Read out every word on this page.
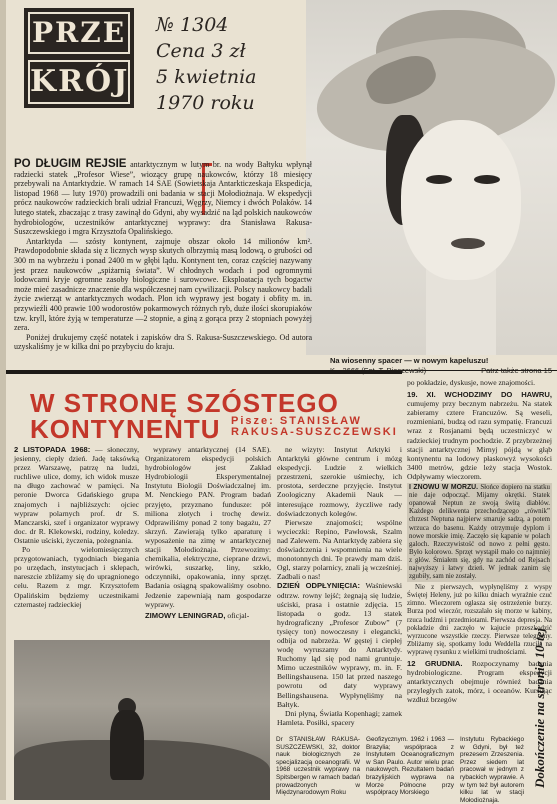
PRZE
KRÓJ
№ 1304
Cena 3 zł
5 kwietnia
1970 roku
Na wiosenny spacer — w nowym kapeluszu!

PO DŁUGIM REJSIE antarktycznym w lutym br. na wody Bałtyku wpłynął radziecki statek „Profesor Wiese”, wiozący grupę naukowców, którzy 18 miesięcy przebywali na Antarktydzie. W ramach 14 SAE (Sowietskaja Antarkticzeskaja Ekspedicja, listopad 1968 — luty 1970) prowadzili oni badania w stacji Mołodiożnaja. W ekspedycji prócz naukowców radzieckich brali udział Francuzi, Węgrzy, Niemcy i dwóch Polaków. 14 lutego statek, zbaczając z trasy zawinął do Gdyni, aby wysadzić na ląd polskich naukowców hydrobiologów, uczestników antarktycznej wyprawy: dra Stanisława Rakusa-Suszczewskiego i mgra Krzysztofa Opalińskiego.

Antarktyda — szósty kontynent, zajmuje obszar około 14 milionów km². Prawdopodobnie składa się z licznych wysp skutych olbrzymią masą lodową, o grubości od 300 m na wybrzeżu i ponad 2400 m w głębi lądu. Kontynent ten, coraz częściej nazywany jest przez naukowców „spiżarnią świata”. W chłodnych wodach i pod ogromnymi lodowcami kryje ogromne zasoby biologiczne i surowcowe. Eksploatacja tych bogactw może mieć zasadnicze znaczenie dla współczesnej nam cywilizacji. Polscy naukowcy badali życie zwierząt w antarktycznych wodach. Plon ich wyprawy jest bogaty i obfity m. in. przywieźli 400 prawie 100 wodorostów pokarmowych różnych ryb, duże ilości skorupiaków tzw. kryll, które żyją w temperaturze —2 stopnie, a giną z gorąca przy 2 stopniach powyżej zera.

Poniżej drukujemy część notatek i zapisków dra S. Rakusa-Suszczewskiego. Od autora uzyskaliśmy je w kilka dni po przybyciu do kraju.

W STRONĘ SZÓSTEGO
KONTYNENTU Pisze: STANISŁAW
RAKUSA-SUSZCZEWSKI

2 LISTOPADA 1968: — słoneczny, jesienny, ciepły dzień. Jadę taksówką przez Warszawę, patrzę na ludzi, ruchliwe ulice, domy, ich widok musze na długo zachować w pamięci. Na peronie Dworca Gdańskiego grupa znajomych i najbliższych: ojciec wypraw polarnych prof. dr S. Manczarski, szef i organizator wyprawy doc. dr R. Klekowski, rodziny, koledzy. Ostatnie uściski, życzenia, pożegnania.

Po wielomiesięcznych przygotowaniach, tygodniach biegania po urzędach, instytucjach i sklepach, nareszcie zbliżamy się do upragnionego celu. Razem z mgr. Krzysztofem Opalińskim będziemy uczestnikami czternastej radzieckiej

wyprawy antarktycznej (14 SAE). Organizatorem ekspedycji polskich hydrobiologów jest Zakład Hydrobiologii Eksperymentalnej Instytutu Biologii Doświadczalnej im. M. Nenckiego PAN. Program badań przyjęto, przyznano fundusze: pół miliona złotych i trochę dewiz. Odprawiliśmy ponad 2 tony bagażu, 27 skrzyń. Zawierają tylko aparaturę i wyposażenie na zimę w antarktycznej stacji Mołodiożnaja. Przewozimy: chemikalia, elektryczne, cieprane drzwi, wirówki, suszarkę, liny, szkło, odczynniki, opakowania, inny sprzęt. Badania osiągną spakowaliśmy osobno. Jedzenie zapewniają nam gospodarze wyprawy.

ZIMOWY LENINGRAD, oficjal-

ne wizyty: Instytut Arktyki i Antarktyki główne centrum i mózg ekspedycji. Ludzie z wielkich przestrzeni, szerokie uśmiechy, ich prostota, serdeczne przyjęcie. Instytut Zoologiczny Akademii Nauk — interesujące rozmowy, życzliwe rady doświadczonych kolegów.

Pierwsze znajomości; wspólne wycieczki: Repino, Pawłowsk, Szalm nad Zalewem. Na Antarktydę zabiera się doświadczenia i wspomnienia na wiele monotonnych dni. Te prawdy mam dziś. Ogl, starzy polarnicy, znali ją wcześniej. Zadbali o nas!

DZIEŃ ODPŁYNIĘCIA: Waśniewski odtrzw. rowny lejść; żegnają się ludzie, uściski, prasa i ostatnie zdjęcia. 15 listopada o godz. 13 statek hydrograficzny „Profesor Zubow” (7 tysięcy ton) nowoczesny i elegancki, odbija od nabrzeża. W gęstej i ciepłej wodę wyruszamy do Antarktydy. Ruchomy ląd się pod nami gruntuje. Mimo uczestników wyprawy, m. in. F. Bellingshausena. 150 lat przed naszego powrotu od daty wyprawy Bellingshausena. Wypłynęliśmy na Bałtyk.

Dni płyną, Światła Kopenhagi; zamek Hamleta. Posiłki, spacery

po pokładzie, dyskusje, nowe znajomości.

19. XI. WCHODZIMY DO HAWRU, cumujemy przy becznym nabrzeżu. Na statek zabieramy cztere Francuzów. Są weseli, rozmieniani, budzą od razu sympatię. Francuzi wraz z Rosjanami będą uczestniczyć w radzieckiej trudnym pochodzie. Z przybrzeżnej stacji antarktycznej Mirnyj pójdą w głąb kontynentu na lodowy płaskowyż wysokości 3400 metrów, gdzie leży stacja Wostok. Odpływamy wieczorem.

I ZNOWU W MORZU. Słońce dopiero na statku nie daje odpocząć. Mijamy okrętki. Statek opanował Neptun ze swoją świtą diabłów. Każdego delikwenta przechodzącego „równik” chrzest Neptuna najpierw smaruje sadzą, a potem wrzuca do basenu. Każdy otrzymuje dyplom i nowe morskie imię. Zaczęło się kąpanie w polach galoch. Rzeczywistość od nowo z pełni gęsto. Było kolorowo. Sprzęt wystąpił mało co najmniej z głów. Śmiałem się, gdy na zachód od Rejsach najwyższy i łatwy dzień. W jednak zanim się zgubiły, sam nie zostały.

Nie z pierwszych, wypłynęliśmy z wyspy Świętej Heleny, już po kilku dniach wyraźnie czuć zimno. Wieczorem ogłasza się ostrzeżenie burzy. Burza pod wieczór, rozszalało się morze w kabiny, rzuca ludźmi i przedmiotami. Pierwsza depresja. Na pokładzie dni zaczęło w kajucie przeszkodzić wyrzucone wszystkie rzeczy. Pierwsze telegramy. Zbliżamy się, spotkamy lodu Weddella rzuciła na wyprawę rysunku z wielkimi trudnościami.

12 GRUDNIA. Rozpoczynamy badania hydrobiologiczne. Program ekspedycji antarktycznych obejmuje również badania przyległych zatok, mórz, i oceanów. Kursując wzdłuż brzegów

Dr STANISŁAW RAKUSA-SUSZCZEWSKI, 32, doktor nauk biologicznych ze specjalizacją oceanografii. W 1968 uczestnik wyprawy na Spitsbergen w ramach badań prowadzonych w Międzynarodowym Roku
Geofizycznym. 1962 i 1963 — Brazylia; współpraca z Instytutem Oceanograficznym w San Paulo. Autor wielu prac naukowych. Rezultatem badań brazylijskich wyprawa na Morze Północne przy współpracy Morskiego
Instytutu Rybackiego w Gdyni, był też prezesem Zrzeszenia. Przez siedem lat pracował w jednym z rybackich wyprawie. A w tym też był autorem kilku lat w stacji Mołodiożnaja.
Dokończenie na stronie 10-tej
